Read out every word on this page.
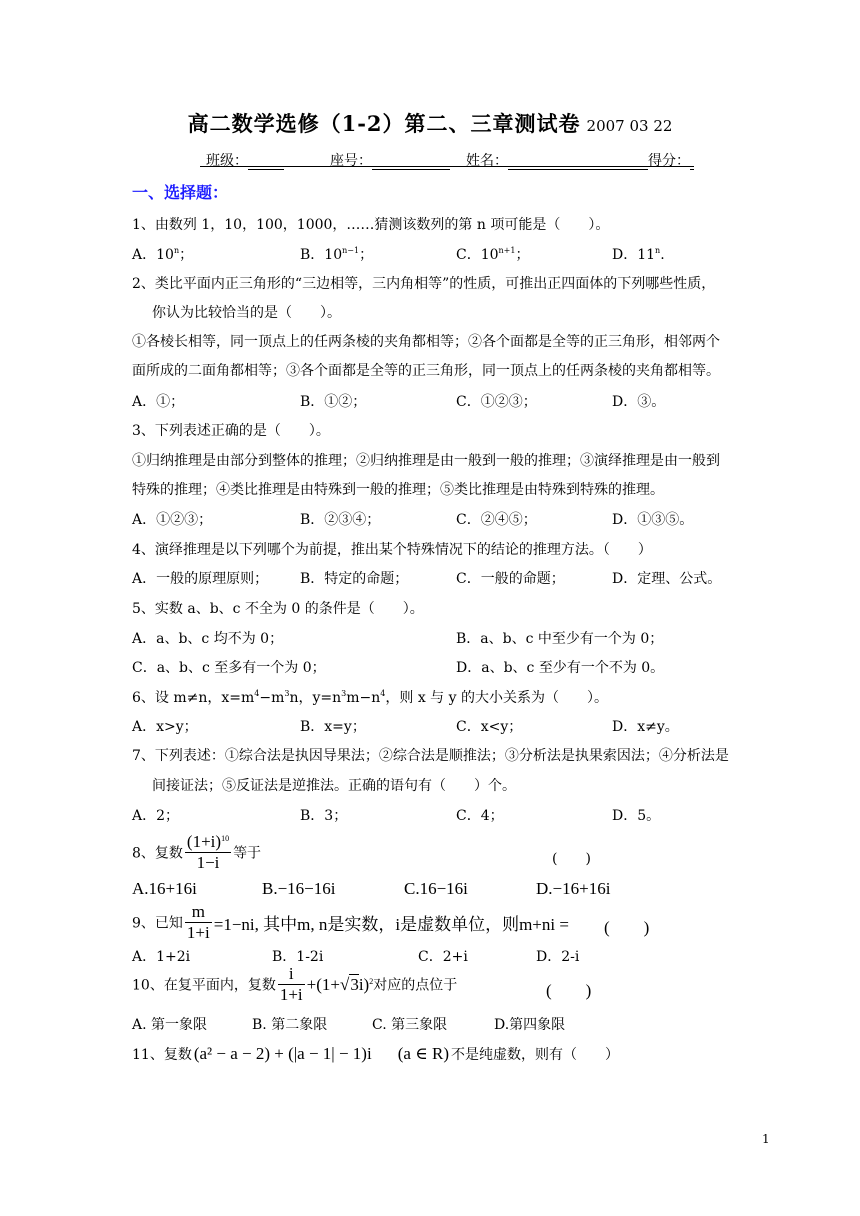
高二数学选修（1-2）第二、三章测试卷 2007 03 22
班级：	座号：	姓名：	得分：
一、选择题：
1、由数列 1，10，100，1000，……猜测该数列的第 n 项可能是（　　）。
A．10$^n$；	B．$10^{n-1}$；	C．$10^{n+1}$；	D．11$^n$.
2、类比平面内正三角形的“三边相等，三内角相等”的性质，可推出正四面体的下列哪些性质，
你认为比较恰当的是（　　）。
①各棱长相等，同一顶点上的任两条棱的夹角都相等；②各个面都是全等的正三角形，相邻两个
面所成的二面角都相等；③各个面都是全等的正三角形，同一顶点上的任两条棱的夹角都相等。
A．①；	B．①②；	C．①②③；	D．③。
3、下列表述正确的是（　　）。
①归纳推理是由部分到整体的推理；②归纳推理是由一般到一般的推理；③演绎推理是由一般到
特殊的推理；④类比推理是由特殊到一般的推理；⑤类比推理是由特殊到特殊的推理。
A．①②③；	B．②③④；	C．②④⑤；	D．①③⑤。
4、演绎推理是以下列哪个为前提，推出某个特殊情况下的结论的推理方法。（　　）
A．一般的原理原则； B．特定的命题；	C．一般的命题；	D．定理、公式。
5、实数 a、b、c 不全为 0 的条件是（　　）。
A．a、b、c 均不为 0；	B．a、b、c 中至少有一个为 0；
C．a、b、c 至多有一个为 0；	D．a、b、c 至少有一个不为 0。
6、设 m≠n，$x=m^4-m^3n$，$y=n^3m-n^4$，则 x 与 y 的大小关系为（　　）。
A．x>y；	B．x=y；	C．x<y；	D．x≠y。
7、下列表述：①综合法是执因导果法；②综合法是顺推法；③分析法是执果索因法；④分析法是
间接证法；⑤反证法是逆推法。正确的语句有（　　）个。
A．2；	B．3；	C．4；	D．5。
8、复数 $\frac{(1+i)^{10}}{1-i}$ 等于	(　　)
A.16+16i	B.−16−16i	C.16−16i	D.−16+16i
9、已知 $\frac{m}{1+i} =1-ni$, 其中m, n是实数，i是虚数单位，则m+ni = (　　)
A．1+2i	B．1-2i	C．2+i	D．2-i
10、在复平面内，复数 $\frac{i}{1+i} +(1+√3i)^2$对应的点位于	(　　)
A. 第一象限	B. 第二象限	C. 第三象限	D.第四象限
11、复数 (a² − a − 2) + (|a − 1| − 1)i (a ∈ R) 不是纯虚数，则有（　　）
1
